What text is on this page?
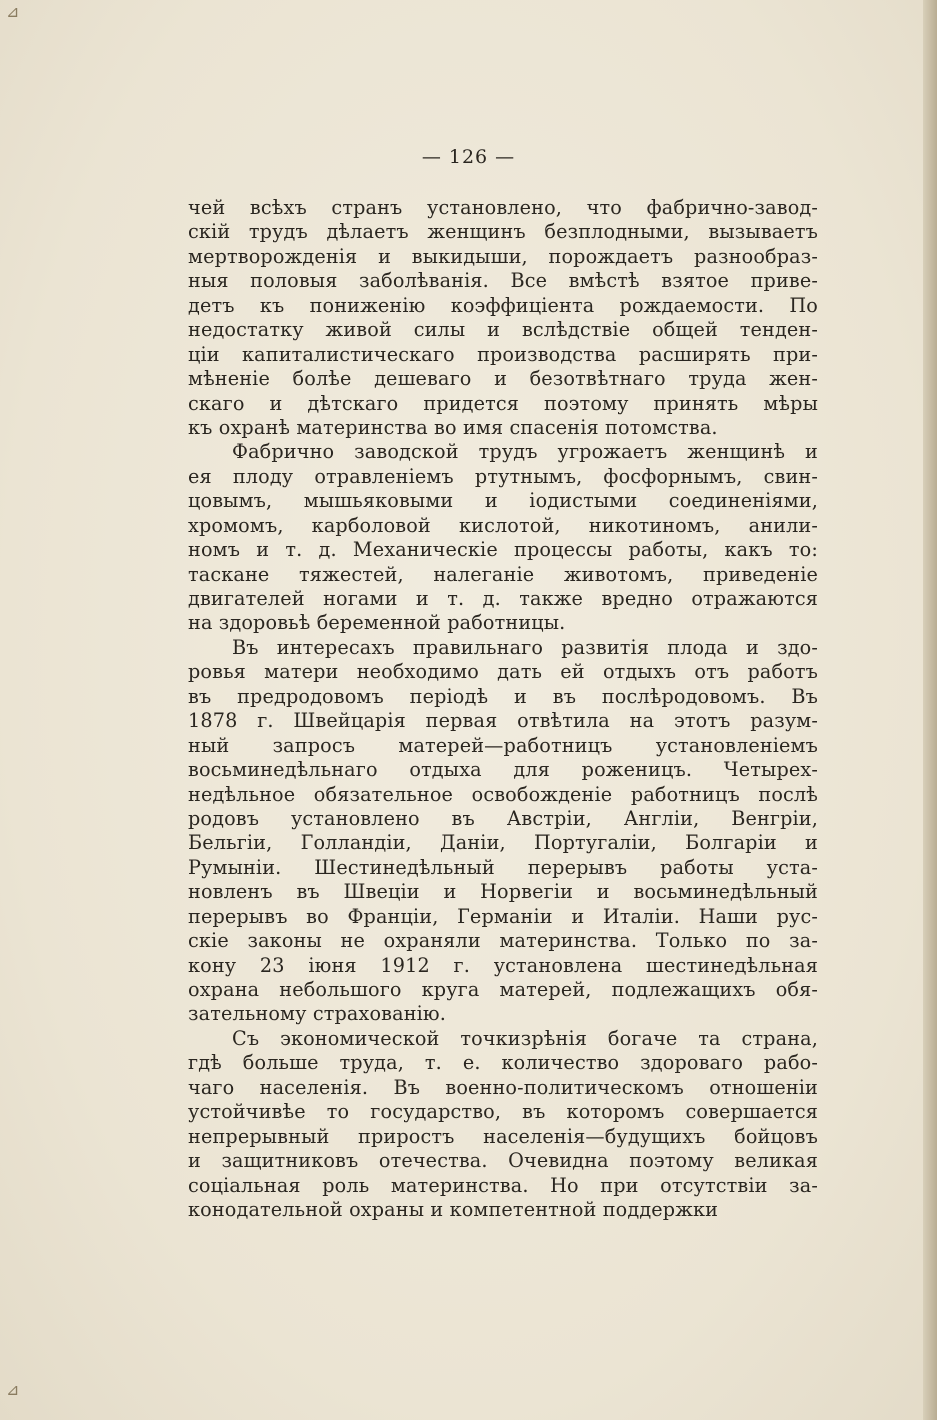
⊿
⊿
— 126 —
чей всѣхъ странъ установлено, что фабрично-завод-
скій трудъ дѣлаетъ женщинъ безплодными, вызываетъ
мертворожденія и выкидыши, порождаетъ разнообраз-
ныя половыя заболѣванія. Все вмѣстѣ взятое приве-
детъ къ пониженію коэффиціента рождаемости. По
недостатку живой силы и вслѣдствіе общей тенден-
ціи капиталистическаго производства расширять при-
мѣненіе болѣе дешеваго и безотвѣтнаго труда жен-
скаго и дѣтскаго придется поэтому принять мѣры
къ охранѣ материнства во имя спасенія потомства.
Фабрично заводской трудъ угрожаетъ женщинѣ и
ея плоду отравленіемъ ртутнымъ, фосфорнымъ, свин-
цовымъ, мышьяковыми и іодистыми соединеніями,
хромомъ, карболовой кислотой, никотиномъ, анили-
номъ и т. д. Механическіе процессы работы, какъ то:
таскане тяжестей, налеганіе животомъ, приведеніе
двигателей ногами и т. д. также вредно отражаются
на здоровьѣ беременной работницы.
Въ интересахъ правильнаго развитія плода и здо-
ровья матери необходимо дать ей отдыхъ отъ работъ
въ предродовомъ періодѣ и въ послѣродовомъ. Въ
1878 г. Швейцарія первая отвѣтила на этотъ разум-
ный запросъ матерей—работницъ установленіемъ
восьминедѣльнаго отдыха для роженицъ. Четырех-
недѣльное обязательное освобожденіе работницъ послѣ
родовъ установлено въ Австріи, Англіи, Венгріи,
Бельгіи, Голландіи, Даніи, Португаліи, Болгаріи и
Румыніи. Шестинедѣльный перерывъ работы уста-
новленъ въ Швеціи и Норвегіи и восьминедѣльный
перерывъ во Франціи, Германіи и Италіи. Наши рус-
скіе законы не охраняли материнства. Только по за-
кону 23 іюня 1912 г. установлена шестинедѣльная
охрана небольшого круга матерей, подлежащихъ обя-
зательному страхованію.
Съ экономической точкизрѣнія богаче та страна,
гдѣ больше труда, т. е. количество здороваго рабо-
чаго населенія. Въ военно-политическомъ отношеніи
устойчивѣе то государство, въ которомъ совершается
непрерывный приростъ населенія—будущихъ бойцовъ
и защитниковъ отечества. Очевидна поэтому великая
соціальная роль материнства. Но при отсутствіи за-
конодательной охраны и компетентной поддержки
